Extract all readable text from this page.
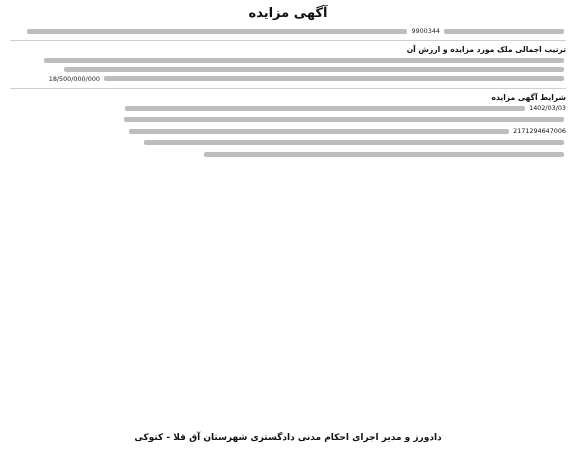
آگهی مزایده

9900344

ترتیب اجمالی ملک مورد مزایده و ارزش آن

18/500/000/000

شرایط آگهی مزایده
1402/03/03
2171294647006
دادورز و مدیر اجرای احکام مدنی دادگستری شهرستان آق قلا - کتوکی
